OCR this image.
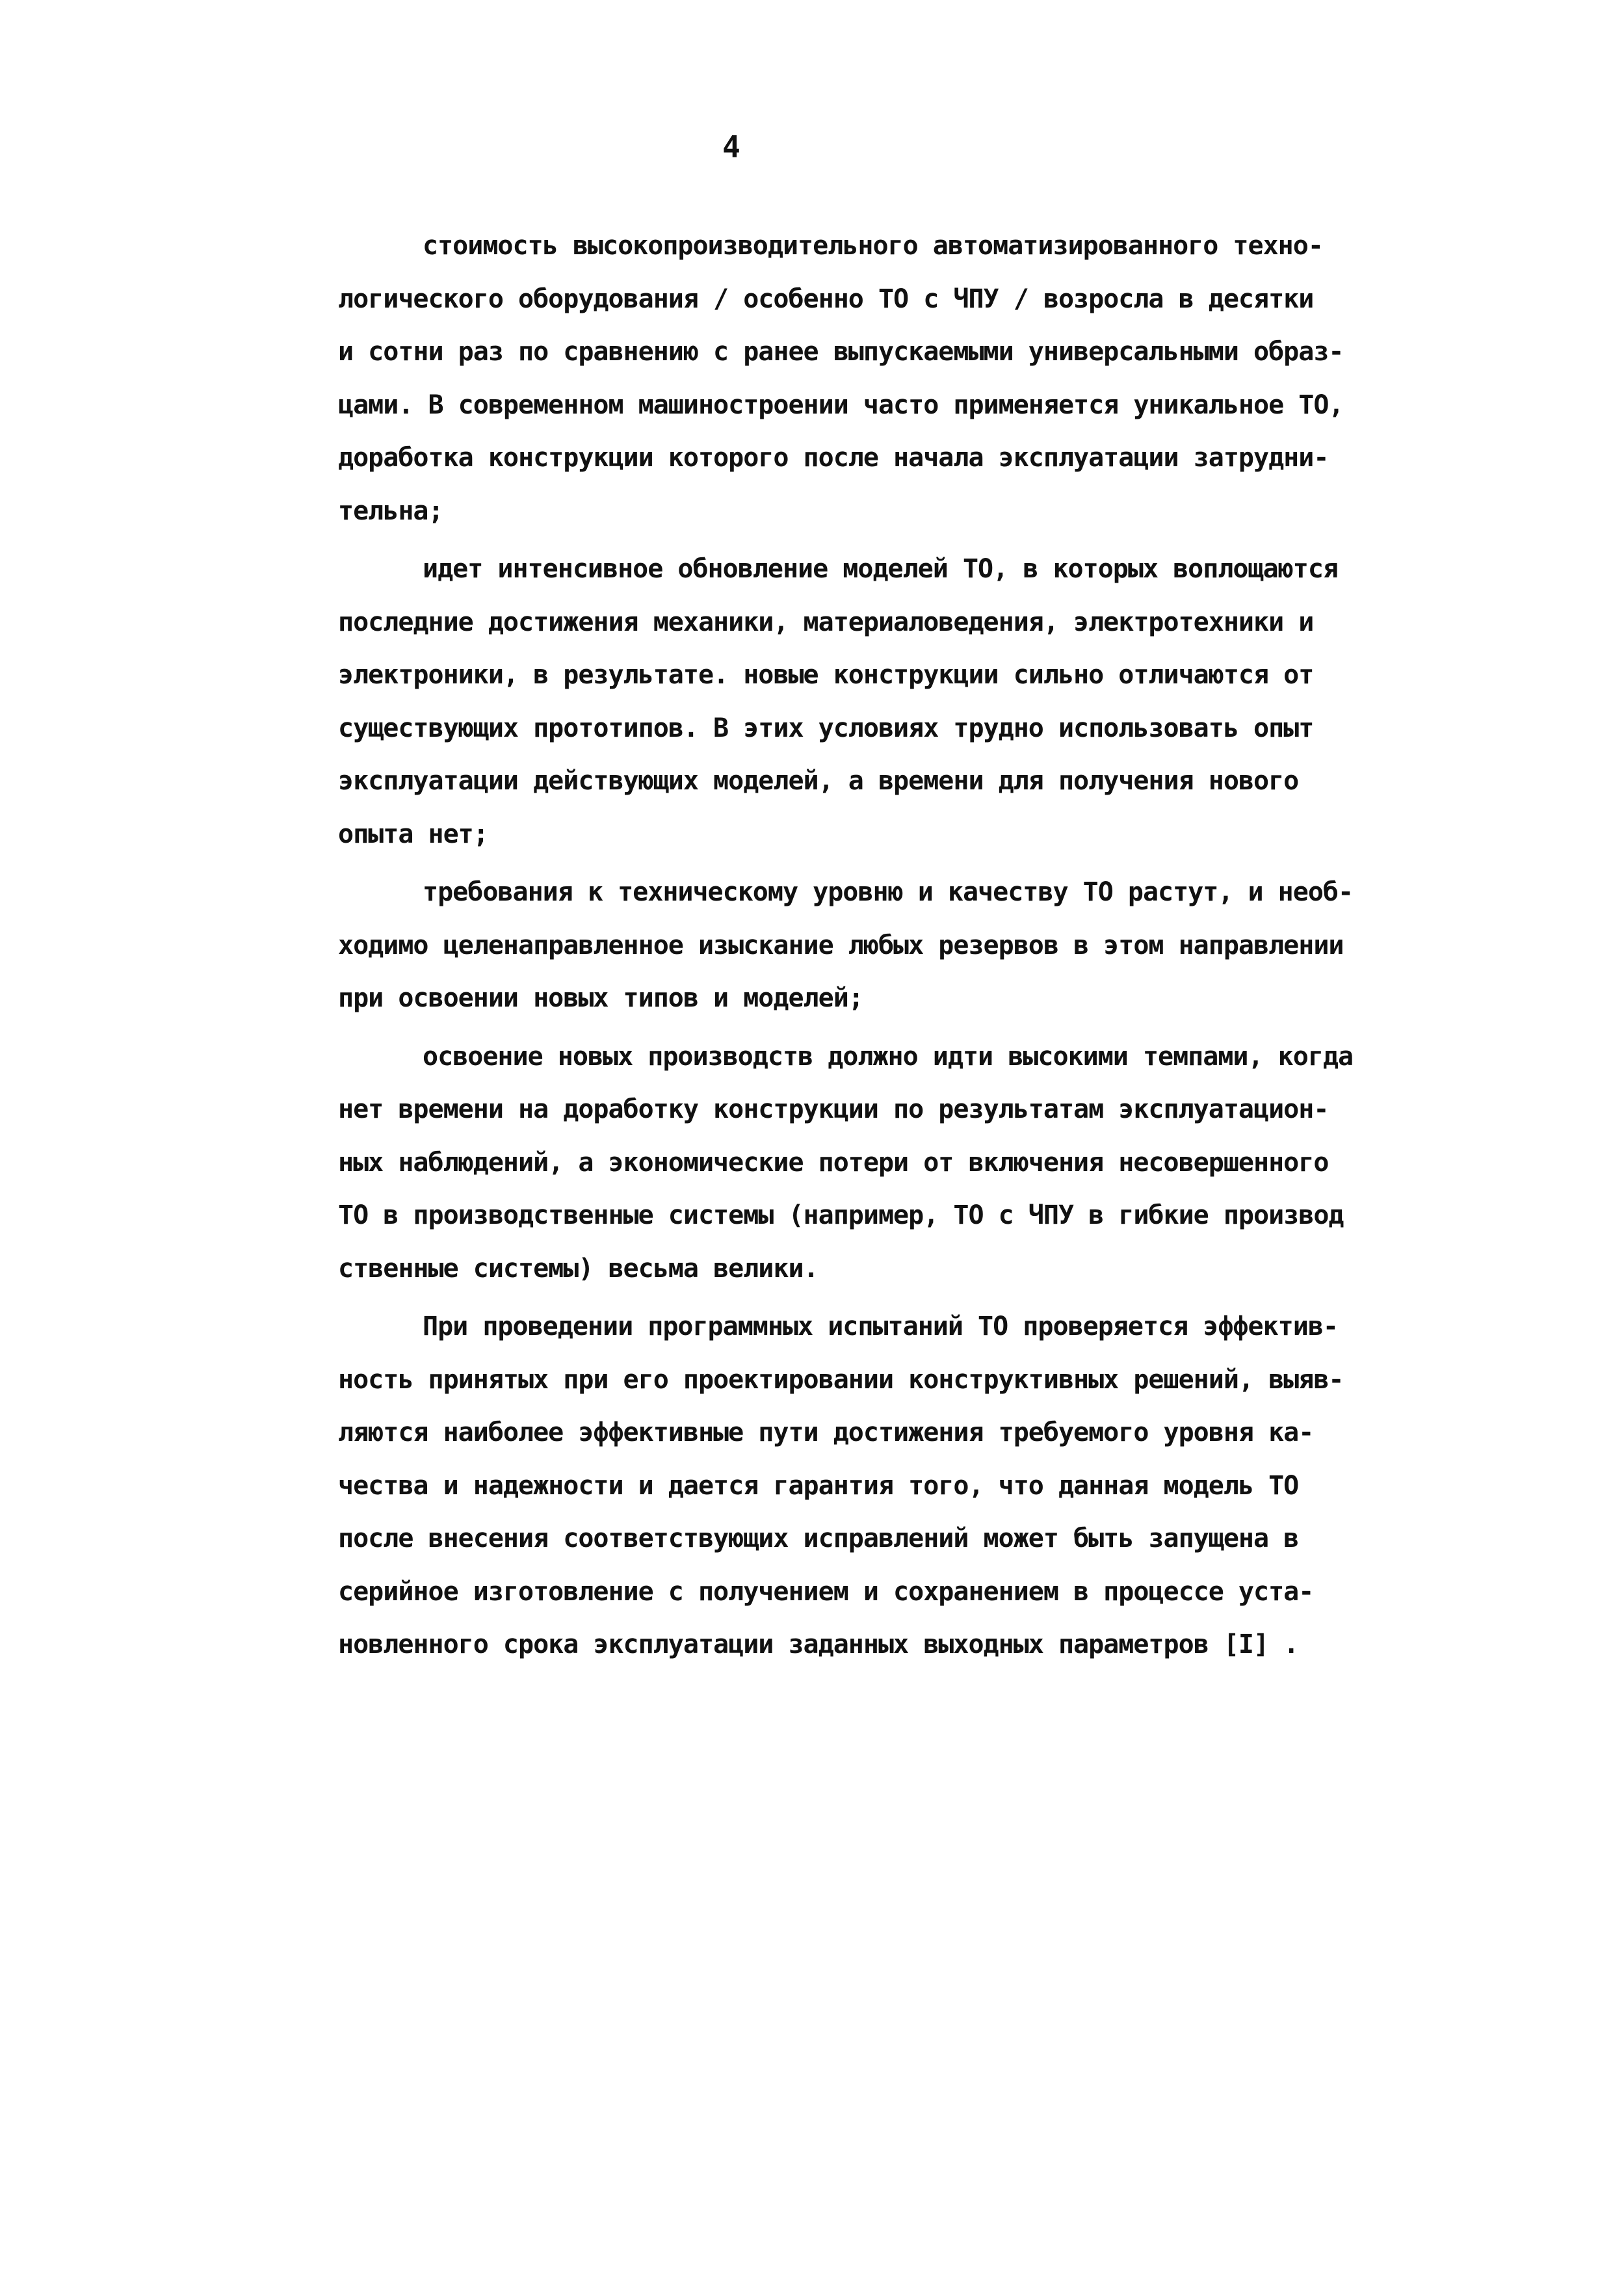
4
стоимость высокопроизводительного автоматизированного техно-
логического оборудования / особенно ТО с ЧПУ / возросла в десятки
и сотни раз по сравнению с ранее выпускаемыми универсальными образ-
цами. В современном машиностроении часто применяется уникальное ТО,
доработка конструкции которого после начала эксплуатации затрудни-
тельна;
идет интенсивное обновление моделей ТО, в которых воплощаются
последние достижения механики, материаловедения, электротехники и
электроники, в результате. новые конструкции сильно отличаются от
существующих прототипов. В этих условиях трудно использовать опыт
эксплуатации действующих моделей, а времени для получения нового
опыта нет;
требования к техническому уровню и качеству ТО растут, и необ-
ходимо целенаправленное изыскание любых резервов в этом направлении
при освоении новых типов и моделей;
освоение новых производств должно идти высокими темпами, когда
нет времени на доработку конструкции по результатам эксплуатацион-
ных наблюдений, а экономические потери от включения несовершенного
ТО в производственные системы (например, ТО с ЧПУ в гибкие производ
ственные системы) весьма велики.
При проведении программных испытаний ТО проверяется эффектив-
ность принятых при его проектировании конструктивных решений, выяв-
ляются наиболее эффективные пути достижения требуемого уровня ка-
чества и надежности и дается гарантия того, что данная модель ТО
после внесения соответствующих исправлений может быть запущена в
серийное изготовление с получением и сохранением в процессе уста-
новленного срока эксплуатации заданных выходных параметров [I] .
